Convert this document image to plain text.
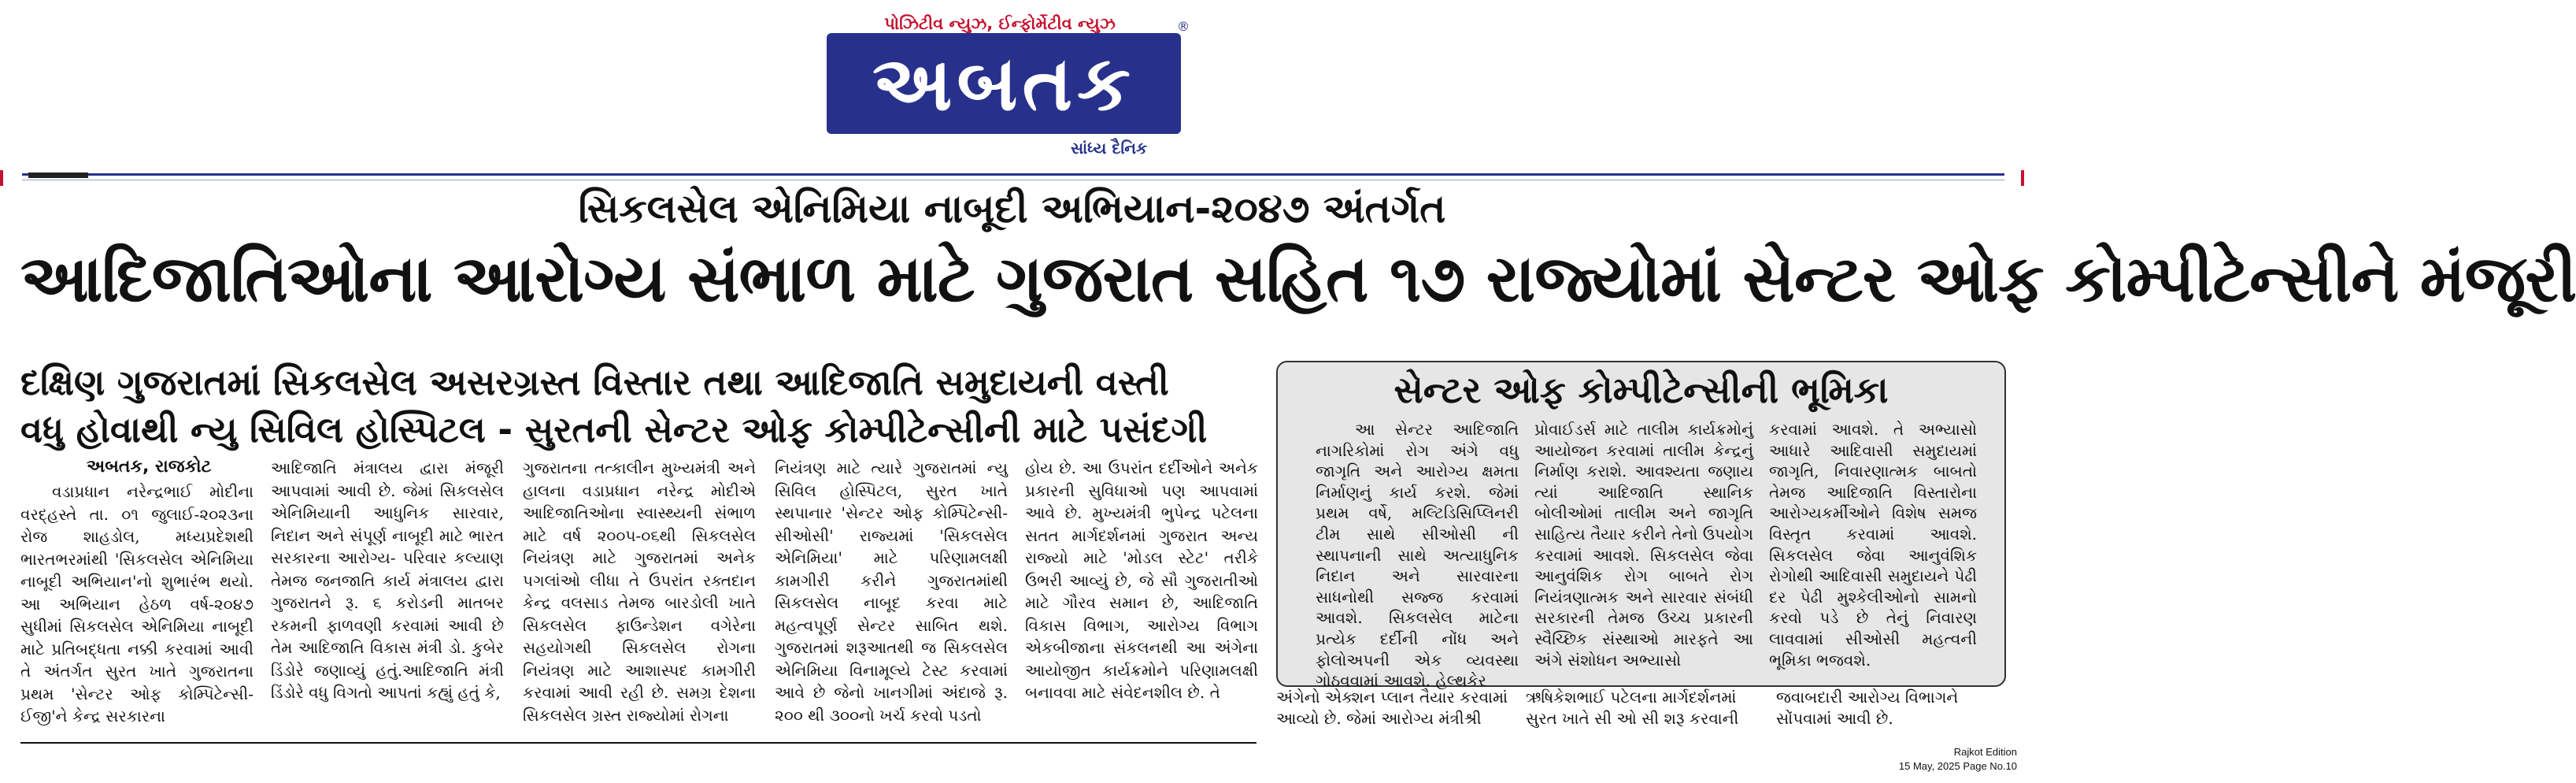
પોઝિટીવ ન્યુઝ, ઈન્ફોર્મેટીવ ન્યુઝ
અબતક
®
સાંધ્ય દૈનિક
સિકલસેલ એનિમિયા નાબૂદી અભિયાન-૨૦૪૭ અંતર્ગત
આદિજાતિઓના આરોગ્ય સંભાળ માટે ગુજરાત સહિત ૧૭ રાજ્યોમાં સેન્ટર ઓફ કોમ્પીટેન્સીને મંજૂરી
દક્ષિણ ગુજરાતમાં સિકલસેલ અસરગ્રસ્ત વિસ્તાર તથા આદિજાતિ સમુદાયની વસ્તી
વધુ હોવાથી ન્યુ સિવિલ હોસ્પિટલ - સુરતની સેન્ટર ઓફ કોમ્પીટેન્સીની માટે પસંદગી
અબતક, રાજકોટ
વડાપ્રધાન નરેન્દ્રભાઈ મોદીના વરદ્હસ્તે તા. ૦૧ જુલાઈ-૨૦૨૩ના રોજ શાહડોલ, મધ્યપ્રદેશથી ભારતભરમાંથી 'સિકલસેલ એનિમિયા નાબૂદી અભિયાન'નો શુભારંભ થયો. આ અભિયાન હેઠળ વર્ષ-૨૦૪૭ સુધીમાં સિકલસેલ એનિમિયા નાબૂદી માટે પ્રતિબદ્ધતા નક્કી કરવામાં આવી તે અંતર્ગત સુરત ખાતે ગુજરાતના પ્રથમ 'સેન્ટર ઓફ કોમ્પિટેન્સી-ઈજી'ને કેન્દ્ર સરકારના
આદિજાતિ મંત્રાલય દ્વારા મંજૂરી આપવામાં આવી છે. જેમાં સિકલસેલ એનિમિયાની આધુનિક સારવાર, નિદાન અને સંપૂર્ણ નાબૂદી માટે ભારત સરકારના આરોગ્ય- પરિવાર કલ્યાણ તેમજ જનજાતિ કાર્ય મંત્રાલય દ્વારા ગુજરાતને રૂ. ૬ કરોડની માતબર રકમની ફાળવણી કરવામાં આવી છે તેમ આદિજાતિ વિકાસ મંત્રી ડો. કુબેર ડિંડોરે જણાવ્યું હતું.આદિજાતિ મંત્રી ડિંડોરે વધુ વિગતો આપતાં કહ્યું હતું કે,
ગુજરાતના તત્કાલીન મુખ્યમંત્રી અને હાલના વડાપ્રધાન નરેન્દ્ર મોદીએ આદિજાતિઓના સ્વાસ્થ્યની સંભાળ માટે વર્ષ ૨૦૦૫-૦૬થી સિકલસેલ નિયંત્રણ માટે ગુજરાતમાં અનેક પગલાંઓ લીધા તે ઉપરાંત રક્તદાન કેન્દ્ર વલસાડ તેમજ બારડોલી ખાતે સિકલસેલ ફાઉન્ડેશન વગેરેના સહયોગથી સિકલસેલ રોગના નિયંત્રણ માટે આશાસ્પદ કામગીરી કરવામાં આવી રહી છે. સમગ્ર દેશના સિકલસેલ ગ્રસ્ત રાજ્યોમાં રોગના
નિયંત્રણ માટે ત્યારે ગુજરાતમાં ન્યુ સિવિલ હોસ્પિટલ, સુરત ખાતે સ્થપાનાર 'સેન્ટર ઓફ કોમ્પિટેન્સી- સીઓસી' રાજ્યમાં 'સિકલસેલ એનિમિયા' માટે પરિણામલક્ષી કામગીરી કરીને ગુજરાતમાંથી સિકલસેલ નાબૂદ કરવા માટે મહત્વપૂર્ણ સેન્ટર સાબિત થશે. ગુજરાતમાં શરૂઆતથી જ સિકલસેલ એનિમિયા વિનામૂલ્યે ટેસ્ટ કરવામાં આવે છે જેનો ખાનગીમાં અંદાજે રૂ. ૨૦૦ થી ૩૦૦નો ખર્ચ કરવો પડતો
હોય છે. આ ઉપરાંત દર્દીઓને અનેક પ્રકારની સુવિધાઓ પણ આપવામાં આવે છે. મુખ્યમંત્રી ભુપેન્દ્ર પટેલના સતત માર્ગદર્શનમાં ગુજરાત અન્ય રાજ્યો માટે 'મોડલ સ્ટેટ' તરીકે ઉભરી આવ્યું છે, જે સૌ ગુજરાતીઓ માટે ગૌરવ સમાન છે, આદિજાતિ વિકાસ વિભાગ, આરોગ્ય વિભાગ એકબીજાના સંકલનથી આ અંગેના આયોજીત કાર્યક્રમોને પરિણામલક્ષી બનાવવા માટે સંવેદનશીલ છે. તે
સેન્ટર ઓફ કોમ્પીટેન્સીની ભૂમિકા
આ સેન્ટર આદિજાતિ નાગરિકોમાં રોગ અંગે વધુ જાગૃતિ અને આરોગ્ય ક્ષમતા નિર્માણનું કાર્ય કરશે. જેમાં પ્રથમ વર્ષે, મલ્ટિડિસિપ્લિનરી ટીમ સાથે સીઓસી ની સ્થાપનાની સાથે અત્યાધુનિક નિદાન અને સારવારના સાધનોથી સજ્જ કરવામાં આવશે. સિકલસેલ માટેના પ્રત્યેક દર્દીની નોંધ અને ફોલોઅપની એક વ્યવસ્થા ગોઠવવામાં આવશે. હેલ્થકેર
પ્રોવાઈડર્સ માટે તાલીમ કાર્યક્રમોનું આયોજન કરવામાં તાલીમ કેન્દ્રનું નિર્માણ કરાશે. આવશ્યતા જણાય ત્યાં આદિજાતિ સ્થાનિક બોલીઓમાં તાલીમ અને જાગૃતિ સાહિત્ય તૈયાર કરીને તેનો ઉપયોગ કરવામાં આવશે. સિકલસેલ જેવા આનુવંશિક રોગ બાબતે રોગ નિયંત્રણાત્મક અને સારવાર સંબંધી સરકારની તેમજ ઉચ્ચ પ્રકારની સ્વૈચ્છિક સંસ્થાઓ મારફતે આ અંગે સંશોધન અભ્યાસો
કરવામાં આવશે. તે અભ્યાસો આધારે આદિવાસી સમુદાયમાં જાગૃતિ, નિવારણાત્મક બાબતો તેમજ આદિજાતિ વિસ્તારોના આરોગ્યકર્મીઓને વિશેષ સમજ વિસ્તૃત કરવામાં આવશે. સિકલસેલ જેવા આનુવંશિક રોગોથી આદિવાસી સમુદાયને પેઢી દર પેઢી મુશ્કેલીઓનો સામનો કરવો પડે છે તેનું નિવારણ લાવવામાં સીઓસી મહત્વની ભૂમિકા ભજવશે.
અંગેનો એક્શન પ્લાન તૈયાર કરવામાં આવ્યો છે. જેમાં આરોગ્ય મંત્રીશ્રી
ઋષિકેશભાઈ પટેલના માર્ગદર્શનમાં સુરત ખાતે સી ઓ સી શરૂ કરવાની
જવાબદારી આરોગ્ય વિભાગને સોંપવામાં આવી છે.
Rajkot Edition
15 May, 2025 Page No.10
